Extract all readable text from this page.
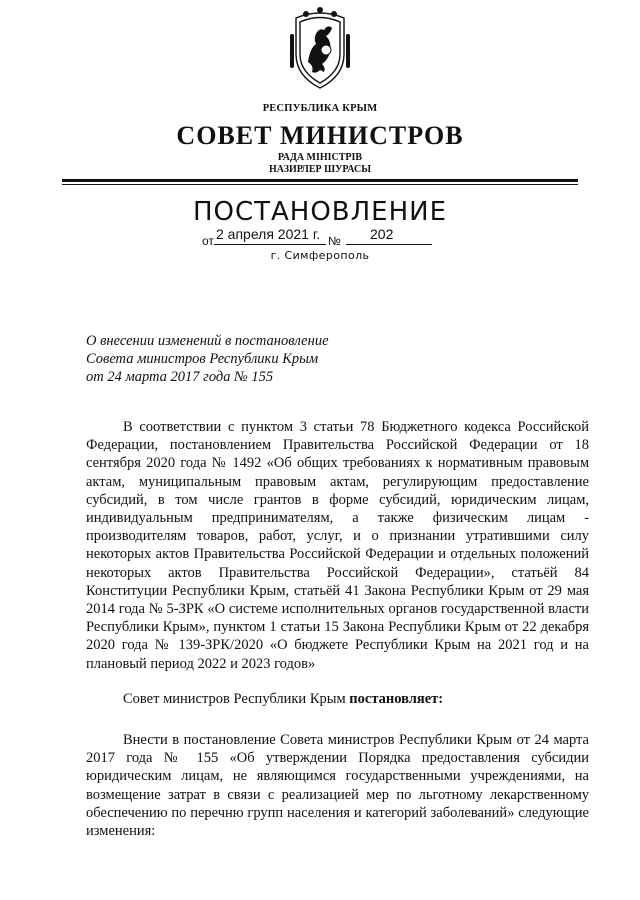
РЕСПУБЛИКА КРЫМ
СОВЕТ МИНИСТРОВ
РАДА МІНІСТРІВ
НАЗИРЛЕР ШУРАСЫ
ПОСТАНОВЛЕНИЕ
от 2 апреля 2021 г. № 202
г. Симферополь
О внесении изменений в постановление
Совета министров Республики Крым
от 24 марта 2017 года № 155
В соответствии с пунктом 3 статьи 78 Бюджетного кодекса Российской Федерации, постановлением Правительства Российской Федерации от 18 сентября 2020 года № 1492 «Об общих требованиях к нормативным правовым актам, муниципальным правовым актам, регулирующим предоставление субсидий, в том числе грантов в форме субсидий, юридическим лицам, индивидуальным предпринимателям, а также физическим лицам - производителям товаров, работ, услуг, и о признании утратившими силу некоторых актов Правительства Российской Федерации и отдельных положений некоторых актов Правительства Российской Федерации», статьёй 84 Конституции Республики Крым, статьёй 41 Закона Республики Крым от 29 мая 2014 года № 5-ЗРК «О системе исполнительных органов государственной власти Республики Крым», пунктом 1 статьи 15 Закона Республики Крым от 22 декабря 2020 года № 139-ЗРК/2020 «О бюджете Республики Крым на 2021 год и на плановый период 2022 и 2023 годов»
Совет министров Республики Крым постановляет:
Внести в постановление Совета министров Республики Крым от 24 марта 2017 года № 155 «Об утверждении Порядка предоставления субсидии юридическим лицам, не являющимся государственными учреждениями, на возмещение затрат в связи с реализацией мер по льготному лекарственному обеспечению по перечню групп населения и категорий заболеваний» следующие изменения:
